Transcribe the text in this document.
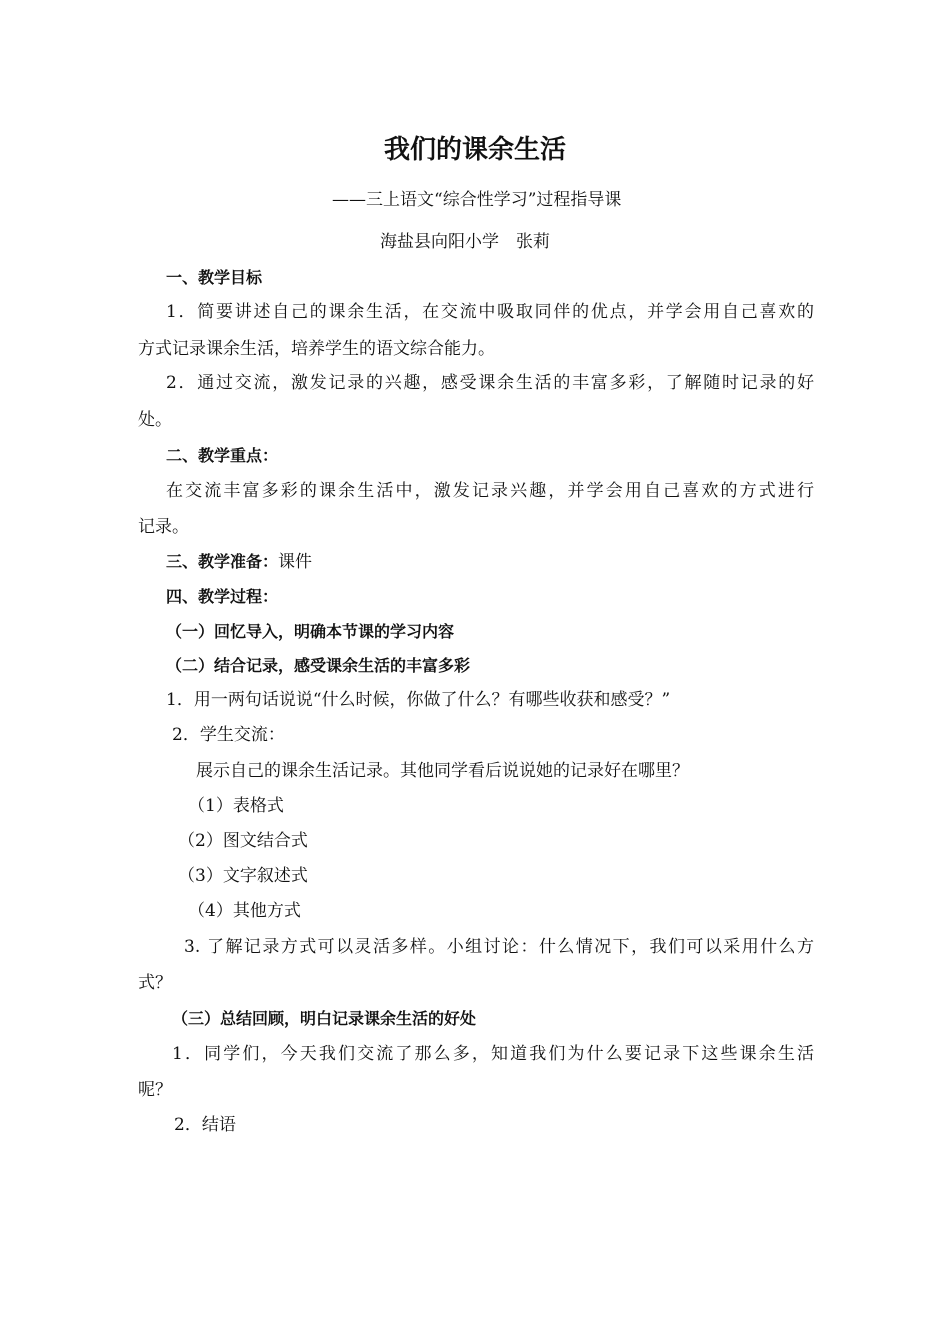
我们的课余生活

——三上语文“综合性学习”过程指导课

海盐县向阳小学　张莉

一、教学目标

1．简要讲述自己的课余生活，在交流中吸取同伴的优点，并学会用自己喜欢的

方式记录课余生活，培养学生的语文综合能力。

2．通过交流，激发记录的兴趣，感受课余生活的丰富多彩，了解随时记录的好

处。

二、教学重点：

在交流丰富多彩的课余生活中，激发记录兴趣，并学会用自己喜欢的方式进行

记录。

三、教学准备：课件

四、教学过程：

（一）回忆导入，明确本节课的学习内容

（二）结合记录，感受课余生活的丰富多彩

1．用一两句话说说“什么时候，你做了什么？有哪些收获和感受？”

2．学生交流：

展示自己的课余生活记录。其他同学看后说说她的记录好在哪里？

（1）表格式

（2）图文结合式

（3）文字叙述式

（4）其他方式

3. 了解记录方式可以灵活多样。小组讨论：什么情况下，我们可以采用什么方

式？

（三）总结回顾，明白记录课余生活的好处

1．同学们，今天我们交流了那么多，知道我们为什么要记录下这些课余生活

呢？

2．结语
